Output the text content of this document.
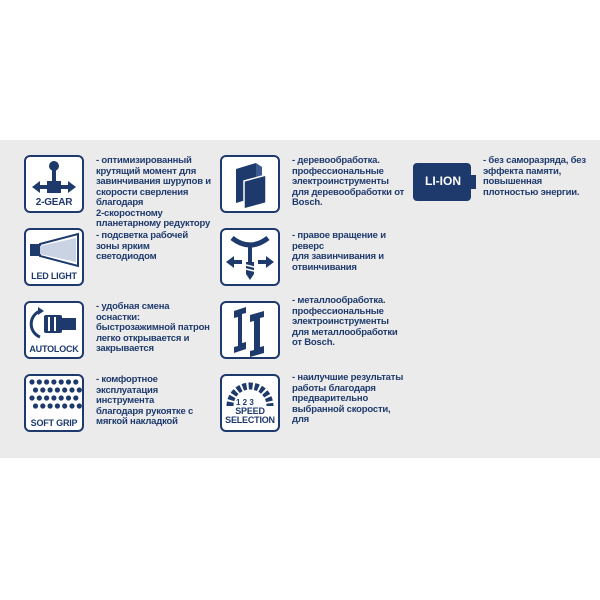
2-GEAR
- оптимизированный
крутящий момент для
завинчивания шурупов и
скорости сверления
благодаря
2-скоростному
планетарному редуктору
LED LIGHT
- подсветка рабочей
зоны ярким
светодиодом
AUTOLOCK
- удобная смена
оснастки:
быстрозажимной патрон
легко открывается и
закрывается
SOFT GRIP
- комфортное
эксплуатация
инструмента
благодаря рукоятке с
мягкой накладкой
- деревообработка.
профессиональные
электроинструменты
для деревообработки от
Bosch.
- правое вращение и
реверс
для завинчивания и
отвинчивания
- металлообработка.
профессиональные
электроинструменты
для металлообработки
от Bosch.
1 2 3
SPEED
SELECTION
- наилучшие результаты
работы благодаря
предварительно
выбранной скорости,
для
LI-ION
- без саморазряда, без
эффекта памяти,
повышенная
плотностью энергии.
